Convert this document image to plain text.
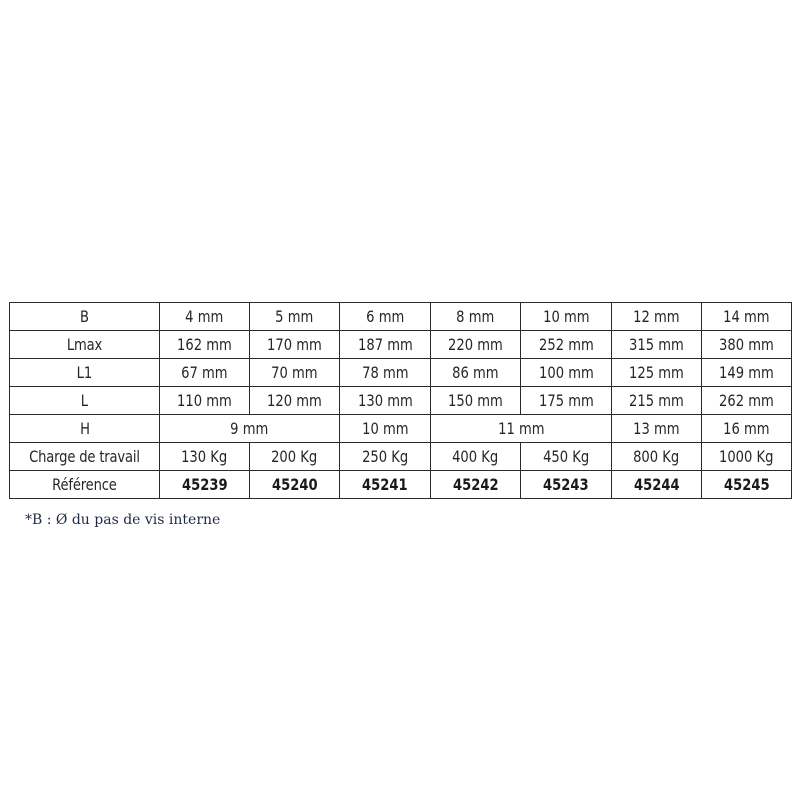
B	4 mm	5 mm	6 mm	8 mm	10 mm	12 mm	14 mm
Lmax	162 mm	170 mm	187 mm	220 mm	252 mm	315 mm	380 mm
L1	67 mm	70 mm	78 mm	86 mm	100 mm	125 mm	149 mm
L	110 mm	120 mm	130 mm	150 mm	175 mm	215 mm	262 mm
H	9 mm		10 mm	11 mm		13 mm	16 mm
Charge de travail	130 Kg	200 Kg	250 Kg	400 Kg	450 Kg	800 Kg	1000 Kg
Référence	45239	45240	45241	45242	45243	45244	45245
*B : Ø du pas de vis interne
